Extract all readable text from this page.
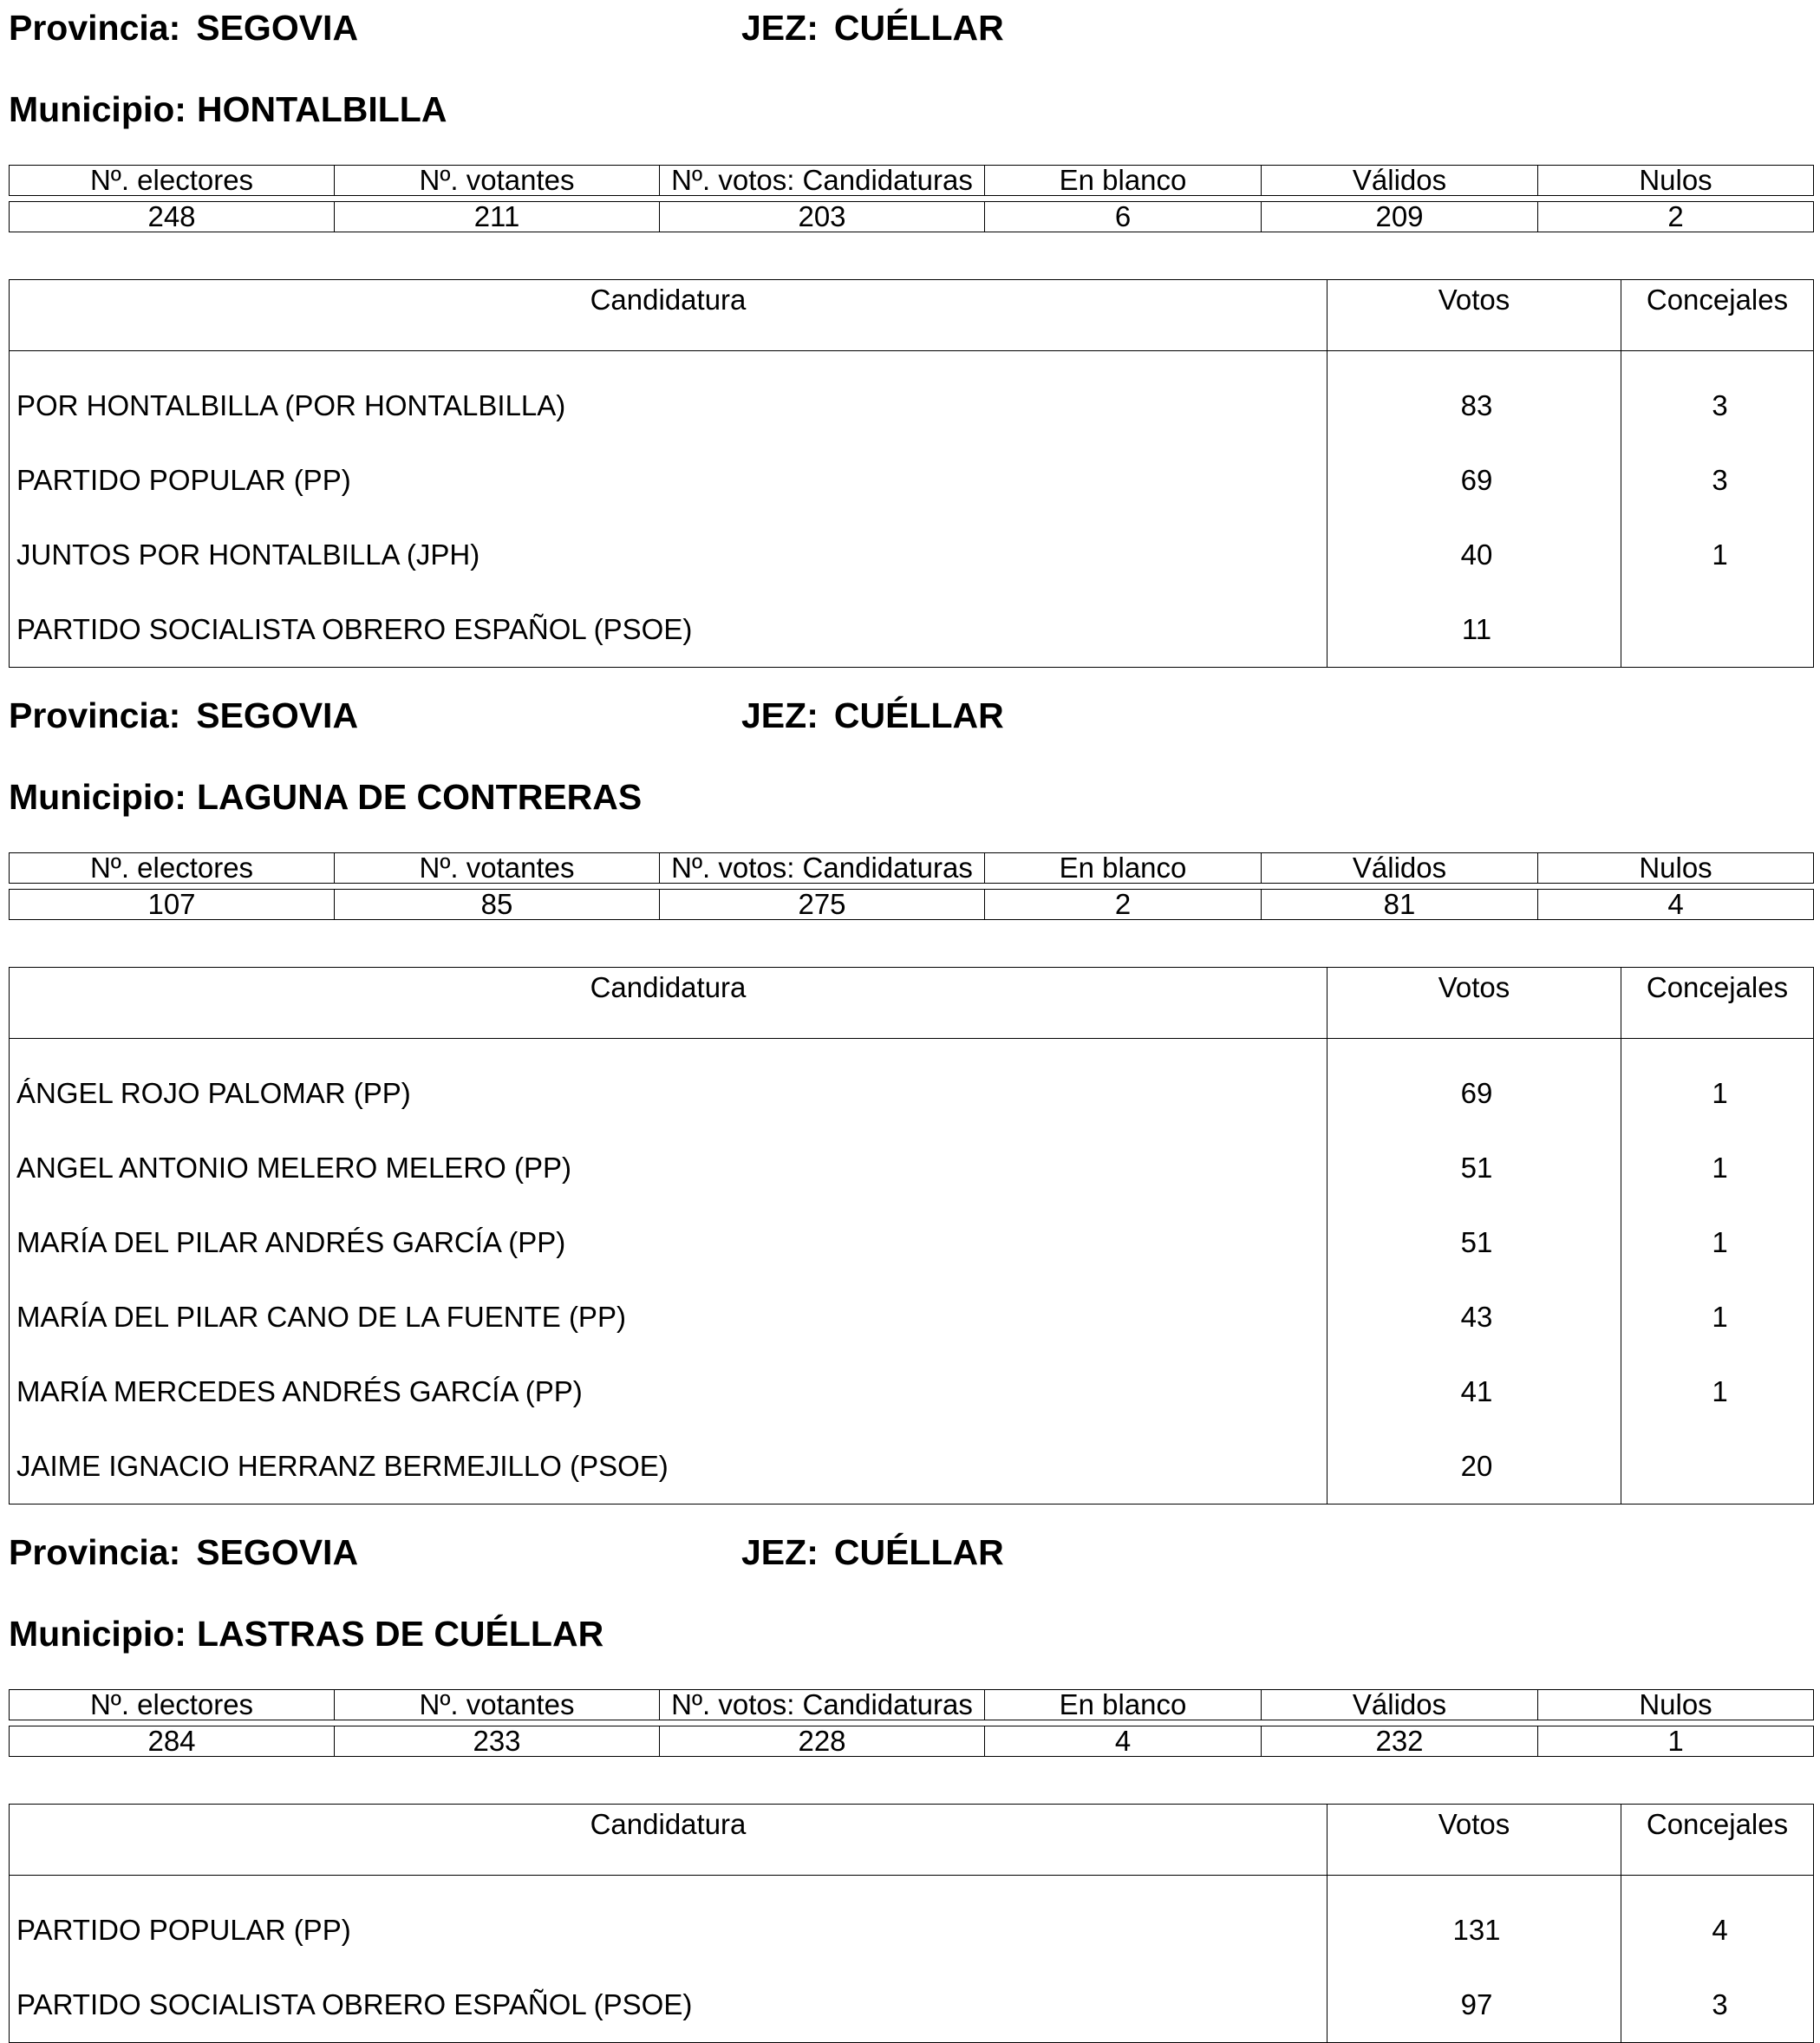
Provincia: SEGOVIA	JEZ: CUÉLLAR
Municipio: HONTALBILLA
Nº. electores	Nº. votantes	Nº. votos: Candidaturas	En blanco	Válidos	Nulos

248	211	203	6	209	2
Candidatura	Votos	Concejales
POR HONTALBILLA (POR HONTALBILLA)	83	3
PARTIDO POPULAR (PP)	69	3
JUNTOS POR HONTALBILLA (JPH)	40	1
PARTIDO SOCIALISTA OBRERO ESPAÑOL (PSOE)	11	
Provincia: SEGOVIA	JEZ: CUÉLLAR
Municipio: LAGUNA DE CONTRERAS
Nº. electores	Nº. votantes	Nº. votos: Candidaturas	En blanco	Válidos	Nulos

107	85	275	2	81	4
Candidatura	Votos	Concejales
ÁNGEL ROJO PALOMAR (PP)	69	1
ANGEL ANTONIO MELERO MELERO (PP)	51	1
MARÍA DEL PILAR ANDRÉS GARCÍA (PP)	51	1
MARÍA DEL PILAR CANO DE LA FUENTE (PP)	43	1
MARÍA MERCEDES ANDRÉS GARCÍA (PP)	41	1
JAIME IGNACIO HERRANZ BERMEJILLO (PSOE)	20	
Provincia: SEGOVIA	JEZ: CUÉLLAR
Municipio: LASTRAS DE CUÉLLAR
Nº. electores	Nº. votantes	Nº. votos: Candidaturas	En blanco	Válidos	Nulos

284	233	228	4	232	1
Candidatura	Votos	Concejales
PARTIDO POPULAR (PP)	131	4
PARTIDO SOCIALISTA OBRERO ESPAÑOL (PSOE)	97	3
